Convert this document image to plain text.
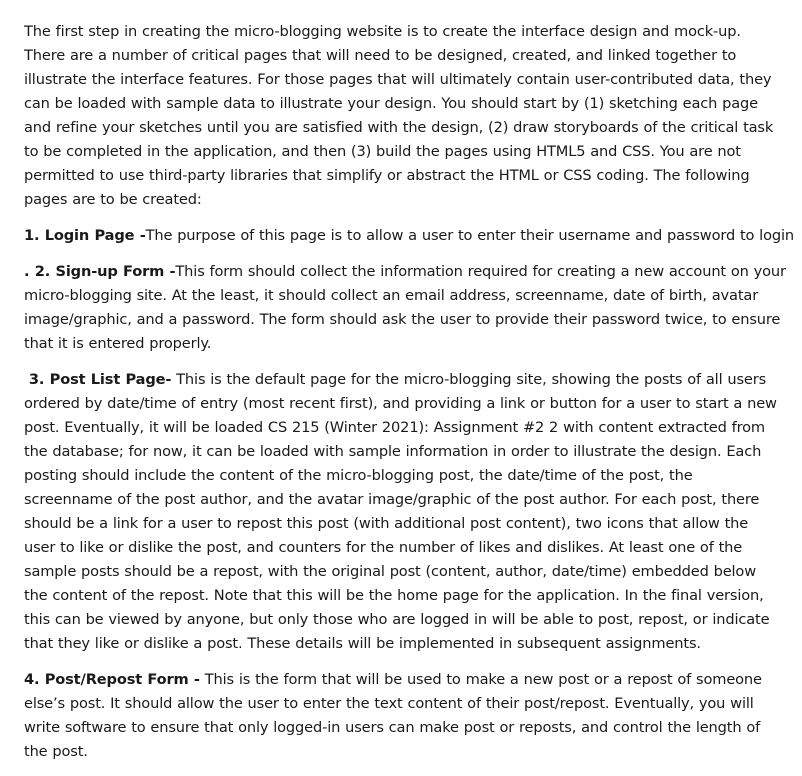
The first step in creating the micro-blogging website is to create the interface design and mock-up.
There are a number of critical pages that will need to be designed, created, and linked together to
illustrate the interface features. For those pages that will ultimately contain user-contributed data, they
can be loaded with sample data to illustrate your design. You should start by (1) sketching each page
and refine your sketches until you are satisfied with the design, (2) draw storyboards of the critical task
to be completed in the application, and then (3) build the pages using HTML5 and CSS. You are not
permitted to use third-party libraries that simplify or abstract the HTML or CSS coding. The following
pages are to be created:
1. Login Page -The purpose of this page is to allow a user to enter their username and password to login
. 2. Sign-up Form -This form should collect the information required for creating a new account on your
micro-blogging site. At the least, it should collect an email address, screenname, date of birth, avatar
image/graphic, and a password. The form should ask the user to provide their password twice, to ensure
that it is entered properly.
3. Post List Page- This is the default page for the micro-blogging site, showing the posts of all users
ordered by date/time of entry (most recent first), and providing a link or button for a user to start a new
post. Eventually, it will be loaded CS 215 (Winter 2021): Assignment #2 2 with content extracted from
the database; for now, it can be loaded with sample information in order to illustrate the design. Each
posting should include the content of the micro-blogging post, the date/time of the post, the
screenname of the post author, and the avatar image/graphic of the post author. For each post, there
should be a link for a user to repost this post (with additional post content), two icons that allow the
user to like or dislike the post, and counters for the number of likes and dislikes. At least one of the
sample posts should be a repost, with the original post (content, author, date/time) embedded below
the content of the repost. Note that this will be the home page for the application. In the final version,
this can be viewed by anyone, but only those who are logged in will be able to post, repost, or indicate
that they like or dislike a post. These details will be implemented in subsequent assignments.
4. Post/Repost Form - This is the form that will be used to make a new post or a repost of someone
else’s post. It should allow the user to enter the text content of their post/repost. Eventually, you will
write software to ensure that only logged-in users can make post or reposts, and control the length of
the post.
